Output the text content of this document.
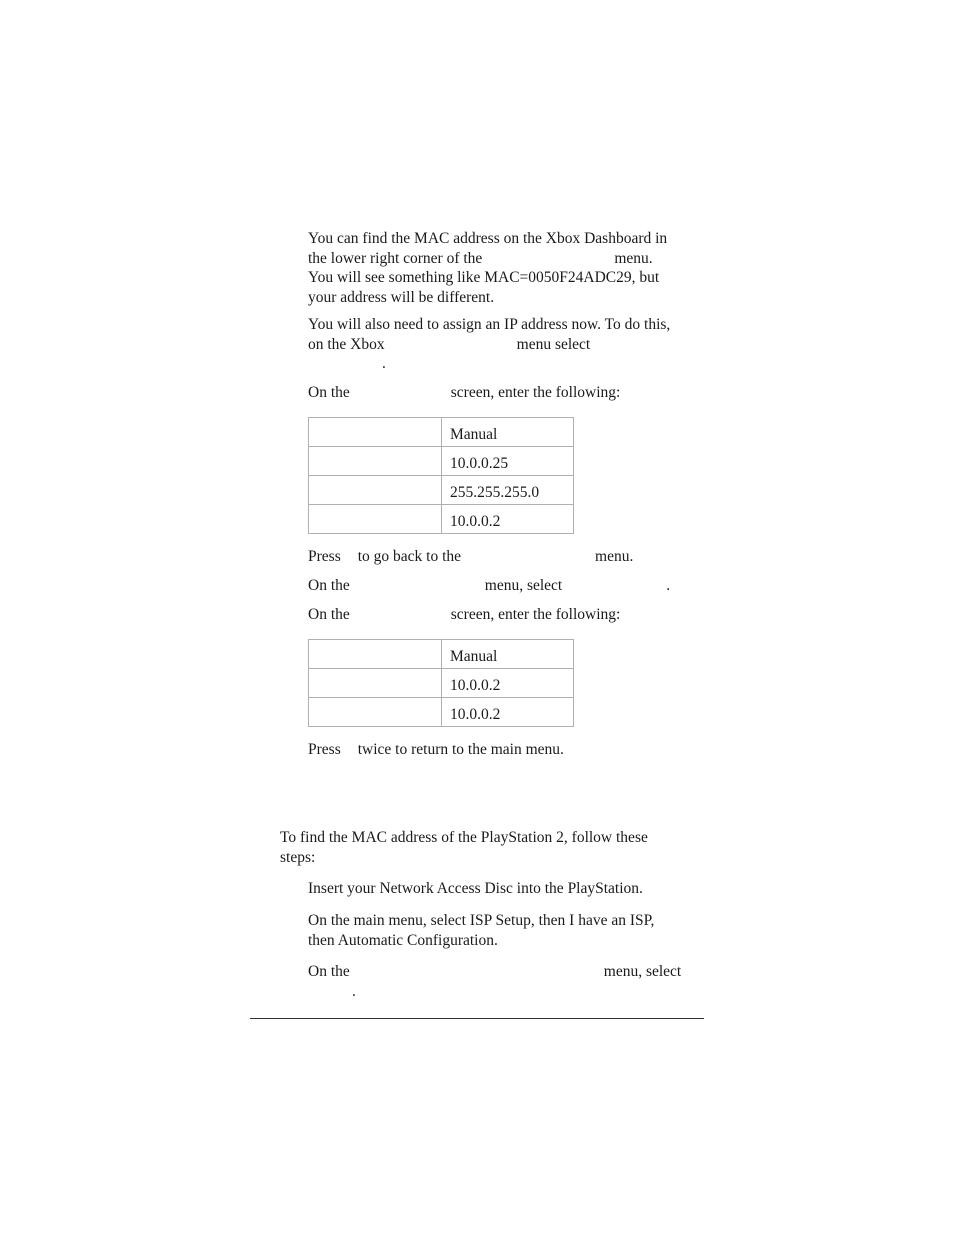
You can find the MAC address on the Xbox Dashboard in
the lower right corner of the	menu.
You will see something like MAC=0050F24ADC29, but
your address will be different.
You will also need to assign an IP address now. To do this,
on the Xbox	menu select
.
On the	screen, enter the following:
	Manual
	10.0.0.25
	255.255.255.0
	10.0.0.2
Press to go back to the	menu.
On the	menu, select	.
On the	screen, enter the following:
	Manual
	10.0.0.2
	10.0.0.2
Press twice to return to the main menu.
To find the MAC address of the PlayStation 2, follow these
steps:
Insert your Network Access Disc into the PlayStation.
On the main menu, select ISP Setup, then I have an ISP,
then Automatic Configuration.
On the	menu, select
.
